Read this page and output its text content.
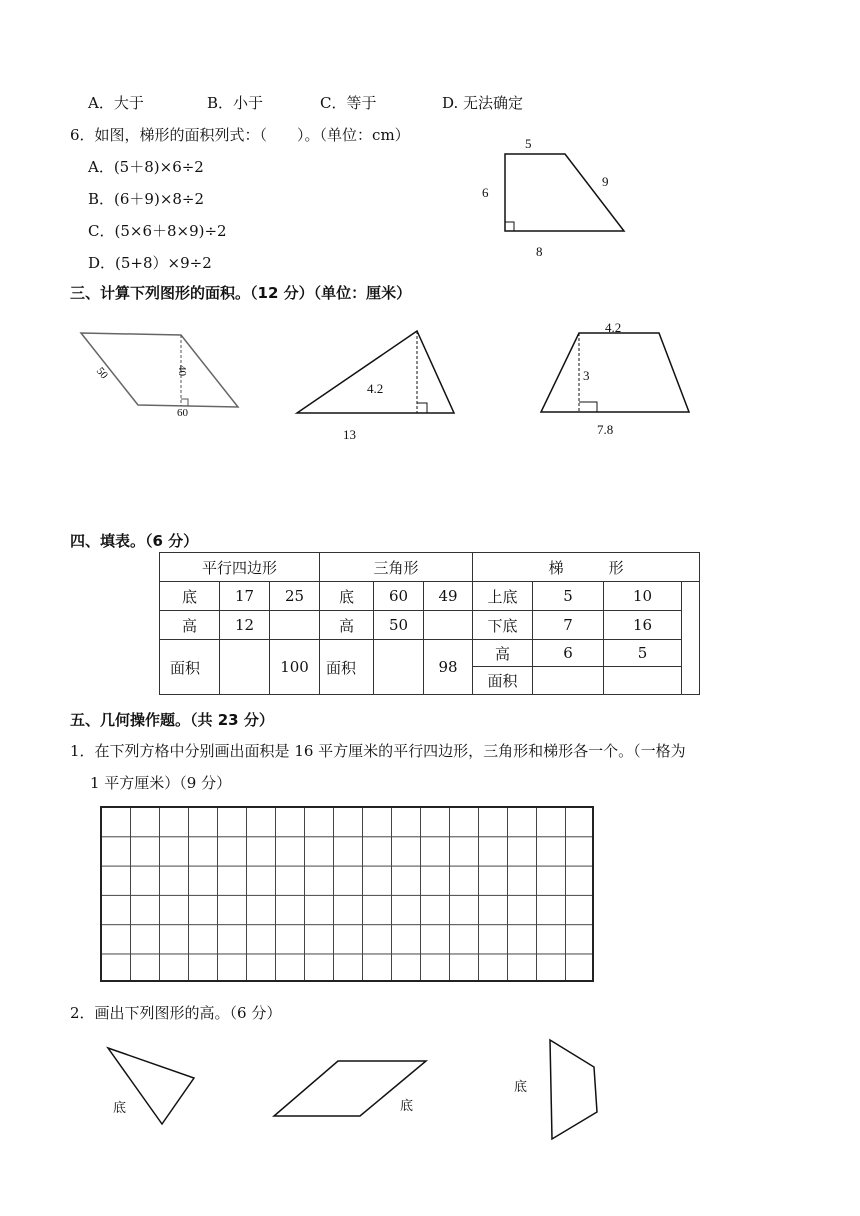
A．大于	B．小于	C．等于	D. 无法确定
6．如图，梯形的面积列式：（　　）。（单位：cm）
A．(5＋8)×6÷2
B．(6＋9)×8÷2
C．(5×6＋8×9)÷2
D．(5+8）×9÷2
5
6
9
8
三、计算下列图形的面积。（12 分）（单位：厘米）
50	40
60
4.2
13
4.2
3
7.8
四、填表。（6 分）
平行四边形			三角形			梯　　　形			
底	17	25	底	60	49	上底	5	10	
高	12		高	50		下底	7	16	
面积		100	面积		98	高	6	5	
						面积			
五、几何操作题。（共 23 分）
1．在下列方格中分别画出面积是 16 平方厘米的平行四边形，三角形和梯形各一个。（一格为
1 平方厘米）（9 分）
2．画出下列图形的高。（6 分）
底	底
底
